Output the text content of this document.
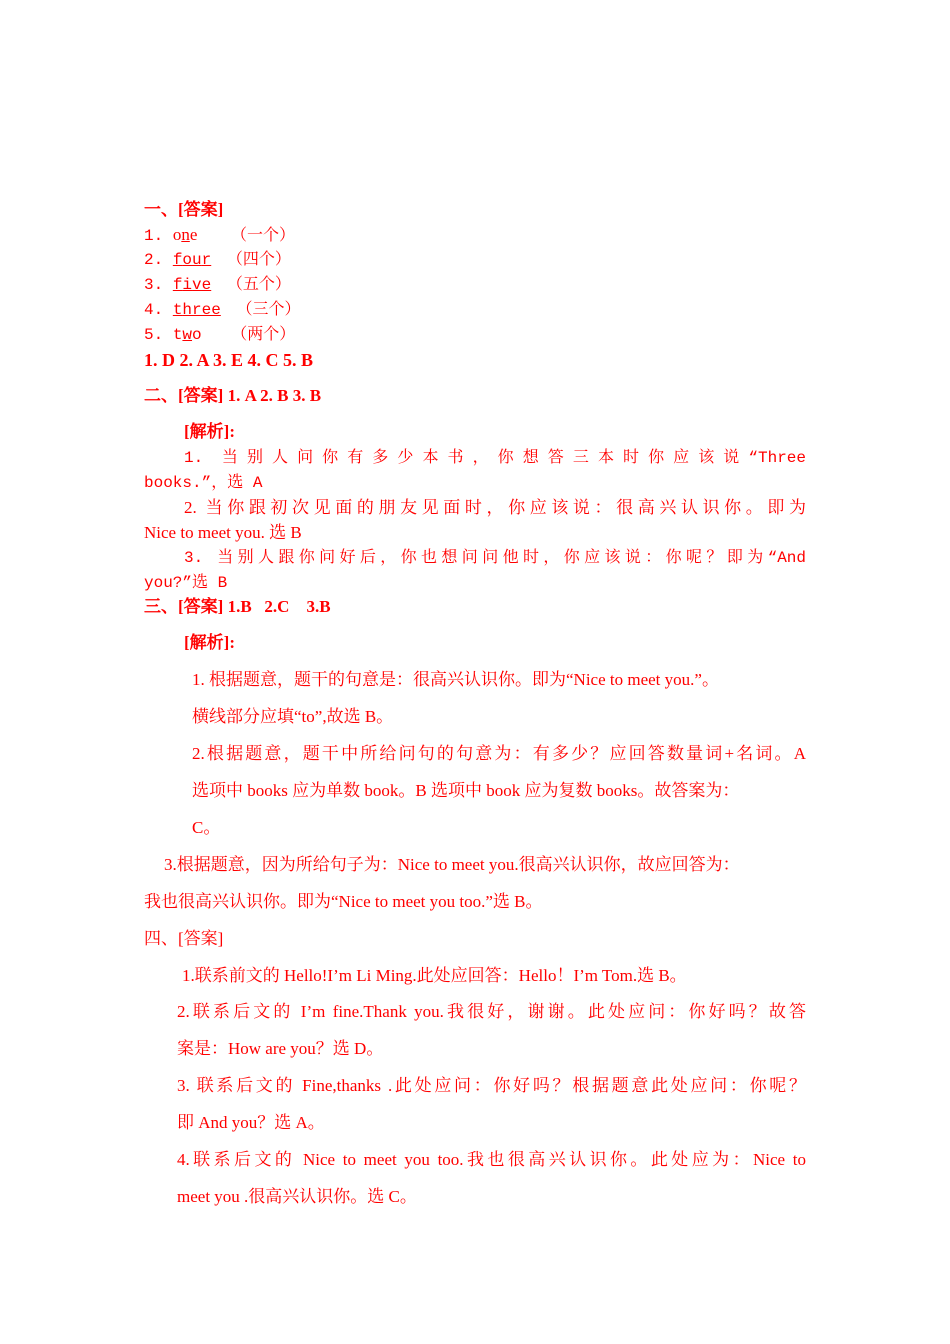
一、[答案]
1. one （一个）
2. four （四个）
3. five （五个）
4. three （三个）
5. two （两个）
1. D 2. A 3. E 4. C 5. B
二、[答案] 1. A 2. B 3. B
[解析]:
1. 当别人问你有多少本书，你想答三本时你应该说“Three
books.”，选 A
2. 当你跟初次见面的朋友见面时，你应该说：很高兴认识你。即为
Nice to meet you. 选 B
3. 当别人跟你问好后，你也想问问他时，你应该说：你呢？即为“And
you?”选 B
三、[答案] 1.B   2.C    3.B
[解析]:
1. 根据题意，题干的句意是：很高兴认识你。即为“Nice to meet you.”。
横线部分应填“to”,故选 B。
2.根据题意，题干中所给问句的句意为：有多少？应回答数量词+名词。A
选项中 books 应为单数 book。B 选项中 book 应为复数 books。故答案为：
C。
3.根据题意，因为所给句子为：Nice to meet you.很高兴认识你，故应回答为：
我也很高兴认识你。即为“Nice to meet you too.”选 B。
四、[答案]
1.联系前文的 Hello!I’m Li Ming.此处应回答：Hello！I’m Tom.选 B。
2.联系后文的 I’m fine.Thank you.我很好，谢谢。此处应问：你好吗？故答
案是：How are you？选 D。
3. 联系后文的 Fine,thanks .此处应问：你好吗？根据题意此处应问：你呢？
即 And you？选 A。
4.联系后文的 Nice to meet you too.我也很高兴认识你。此处应为：Nice to
meet you .很高兴认识你。选 C。
